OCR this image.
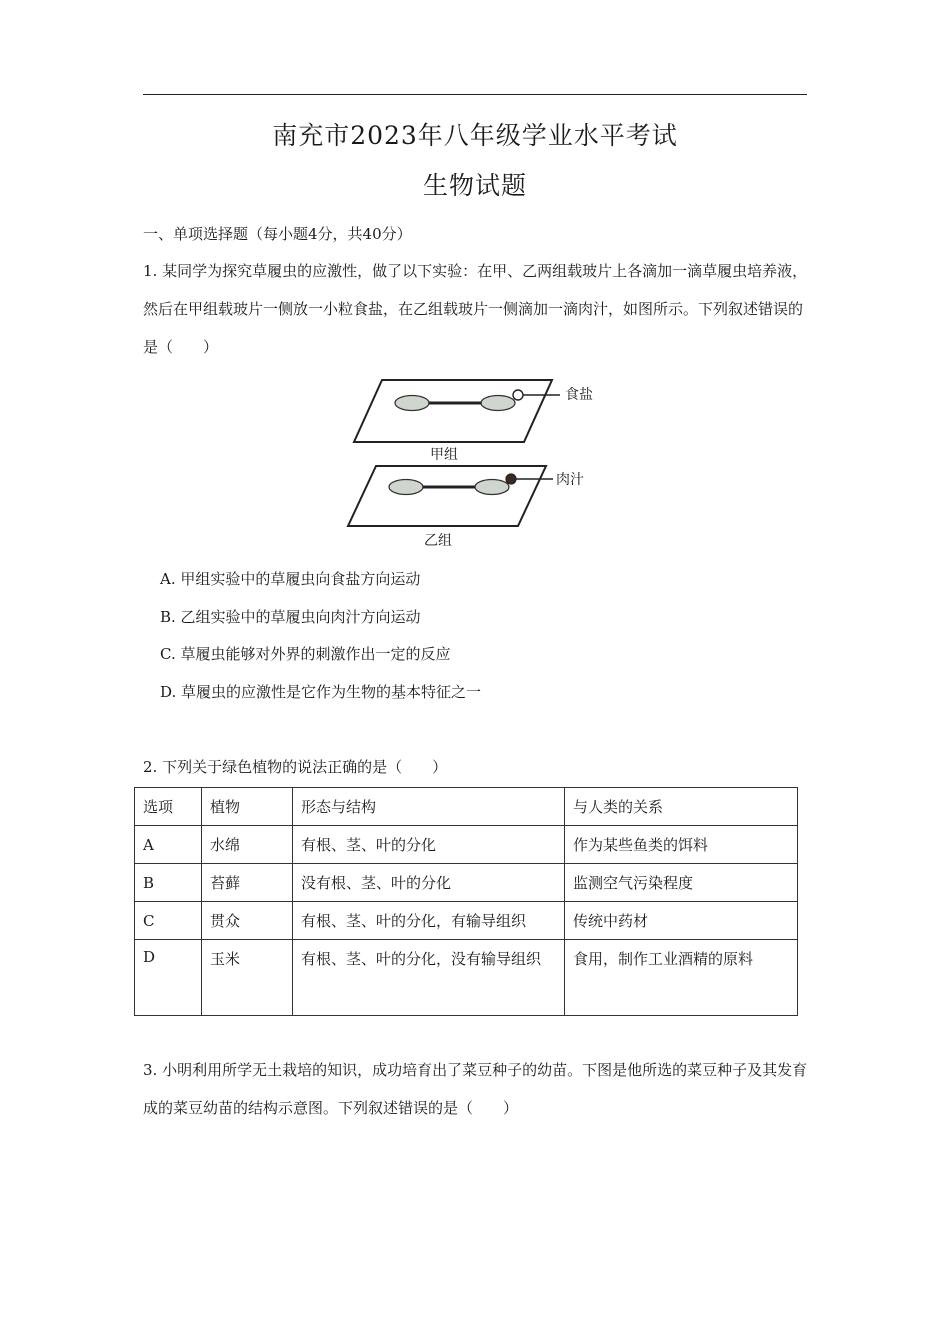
南充市2023年八年级学业水平考试
生物试题
一、单项选择题（每小题4分，共40分）
1. 某同学为探究草履虫的应激性，做了以下实验：在甲、乙两组载玻片上各滴加一滴草履虫培养液，然后在甲组载玻片一侧放一小粒食盐，在乙组载玻片一侧滴加一滴肉汁，如图所示。下列叙述错误的是（　　）
食盐
甲组
肉汁
乙组
A. 甲组实验中的草履虫向食盐方向运动
B. 乙组实验中的草履虫向肉汁方向运动
C. 草履虫能够对外界的刺激作出一定的反应
D. 草履虫的应激性是它作为生物的基本特征之一
2. 下列关于绿色植物的说法正确的是（　　）
选项	植物	形态与结构	与人类的关系
A	水绵	有根、茎、叶的分化	作为某些鱼类的饵料
B	苔藓	没有根、茎、叶的分化	监测空气污染程度
C	贯众	有根、茎、叶的分化，有输导组织	传统中药材
D	玉米	有根、茎、叶的分化，没有输导组织	食用，制作工业酒精的原料
3. 小明利用所学无土栽培的知识，成功培育出了菜豆种子的幼苗。下图是他所选的菜豆种子及其发育成的菜豆幼苗的结构示意图。下列叙述错误的是（　　）
